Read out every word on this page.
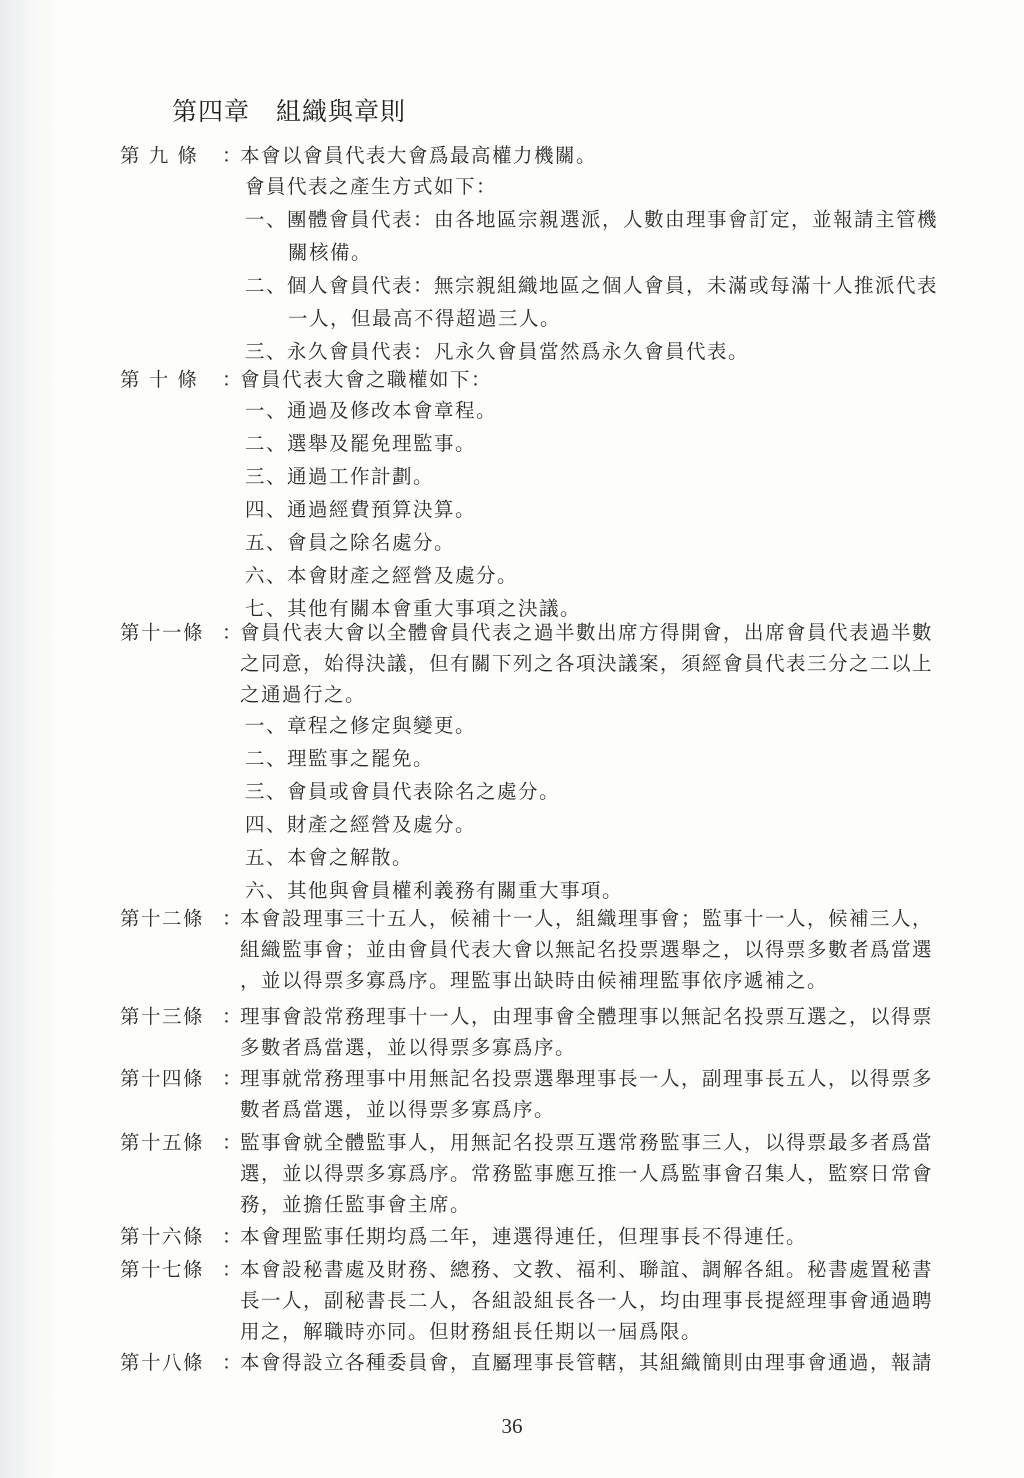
第四章 組織與章則
第 九 條 ：
本會以會員代表大會爲最高權力機關。
會員代表之產生方式如下：
一、團體會員代表：由各地區宗親選派，人數由理事會訂定，並報請主管機
關核備。
二、個人會員代表：無宗親組織地區之個人會員，未滿或每滿十人推派代表
一人，但最高不得超過三人。
三、永久會員代表：凡永久會員當然爲永久會員代表。
第 十 條 ：
會員代表大會之職權如下：
一、通過及修改本會章程。
二、選舉及罷免理監事。
三、通過工作計劃。
四、通過經費預算決算。
五、會員之除名處分。
六、本會財產之經營及處分。
七、其他有關本會重大事項之決議。
第十一條 ：
會員代表大會以全體會員代表之過半數出席方得開會，出席會員代表過半數
之同意，始得決議，但有關下列之各項決議案，須經會員代表三分之二以上
之通過行之。
一、章程之修定與變更。
二、理監事之罷免。
三、會員或會員代表除名之處分。
四、財產之經營及處分。
五、本會之解散。
六、其他與會員權利義務有關重大事項。
第十二條 ：
本會設理事三十五人，候補十一人，組織理事會；監事十一人，候補三人，
組織監事會；並由會員代表大會以無記名投票選舉之，以得票多數者爲當選
，並以得票多寡爲序。理監事出缺時由候補理監事依序遞補之。
第十三條 ：
理事會設常務理事十一人，由理事會全體理事以無記名投票互選之，以得票
多數者爲當選，並以得票多寡爲序。
第十四條 ：
理事就常務理事中用無記名投票選舉理事長一人，副理事長五人，以得票多
數者爲當選，並以得票多寡爲序。
第十五條 ：
監事會就全體監事人，用無記名投票互選常務監事三人，以得票最多者爲當
選，並以得票多寡爲序。常務監事應互推一人爲監事會召集人，監察日常會
務，並擔任監事會主席。
第十六條 ：
本會理監事任期均爲二年，連選得連任，但理事長不得連任。
第十七條 ：
本會設秘書處及財務、總務、文教、福利、聯誼、調解各組。秘書處置秘書
長一人，副秘書長二人，各組設組長各一人，均由理事長提經理事會通過聘
用之，解職時亦同。但財務組長任期以一屆爲限。
第十八條 ：
本會得設立各種委員會，直屬理事長管轄，其組織簡則由理事會通過，報請
36
